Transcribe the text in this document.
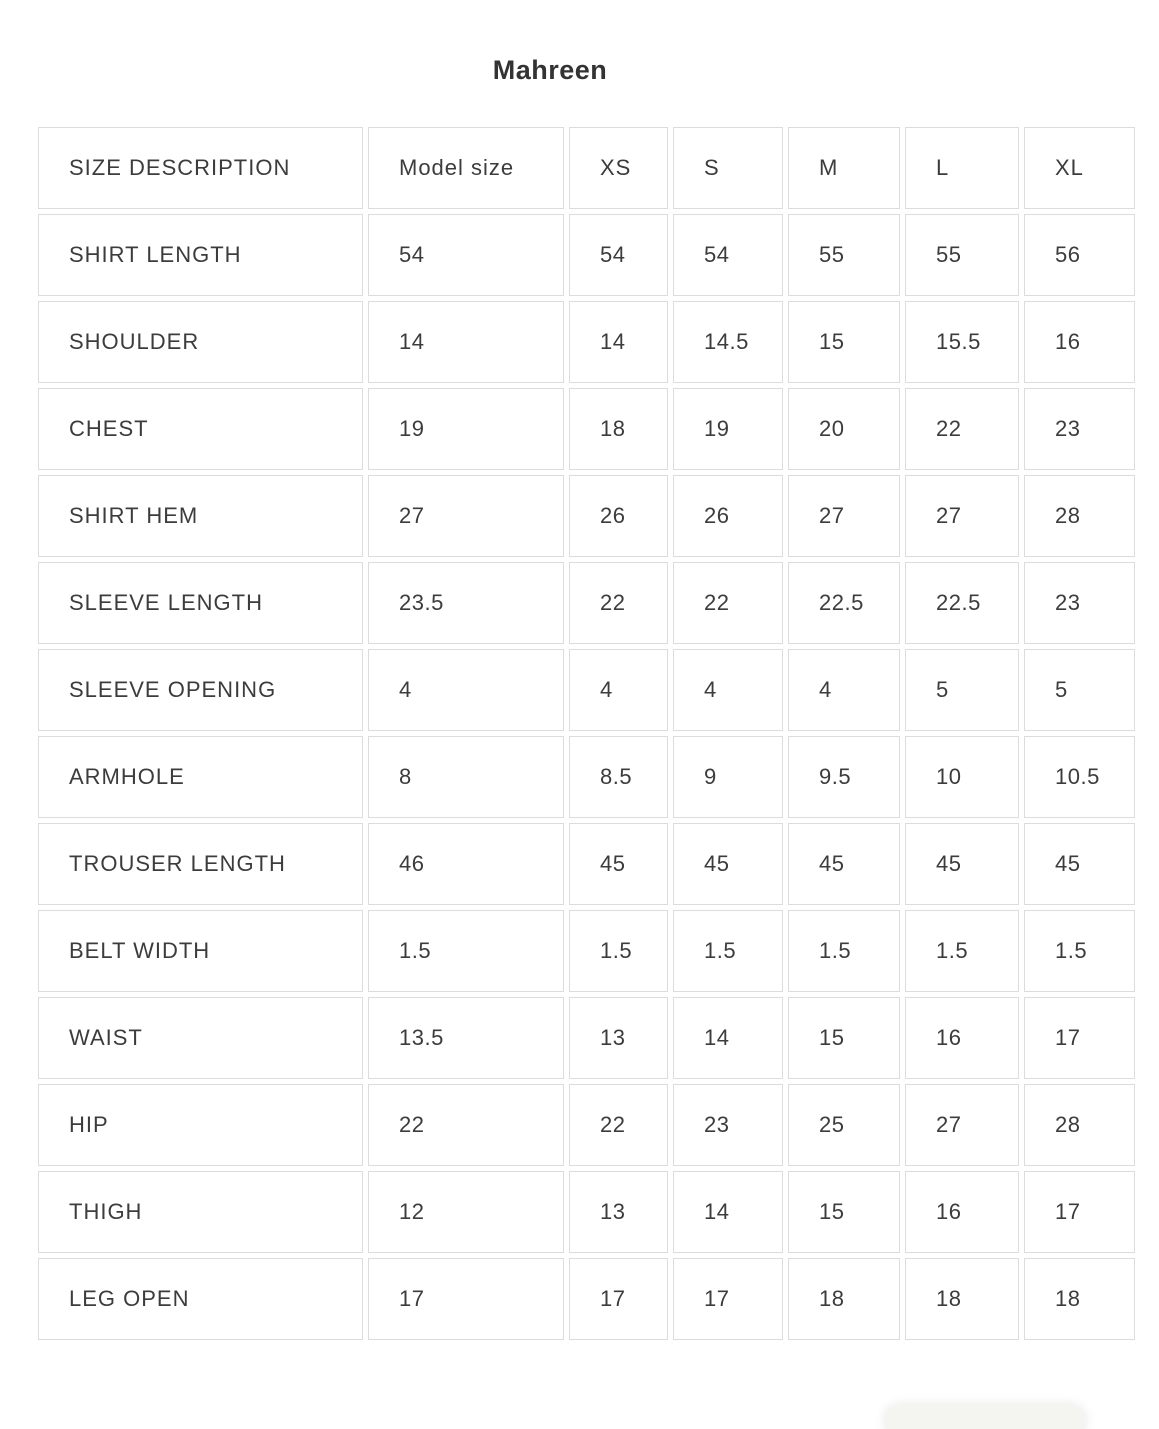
Mahreen
SIZE DESCRIPTION	Model size	XS	S	M	L	XL
SHIRT LENGTH	54	54	54	55	55	56
SHOULDER	14	14	14.5	15	15.5	16
CHEST	19	18	19	20	22	23
SHIRT HEM	27	26	26	27	27	28
SLEEVE LENGTH	23.5	22	22	22.5	22.5	23
SLEEVE OPENING	4	4	4	4	5	5
ARMHOLE	8	8.5	9	9.5	10	10.5
TROUSER LENGTH	46	45	45	45	45	45
BELT WIDTH	1.5	1.5	1.5	1.5	1.5	1.5
WAIST	13.5	13	14	15	16	17
HIP	22	22	23	25	27	28
THIGH	12	13	14	15	16	17
LEG OPEN	17	17	17	18	18	18
